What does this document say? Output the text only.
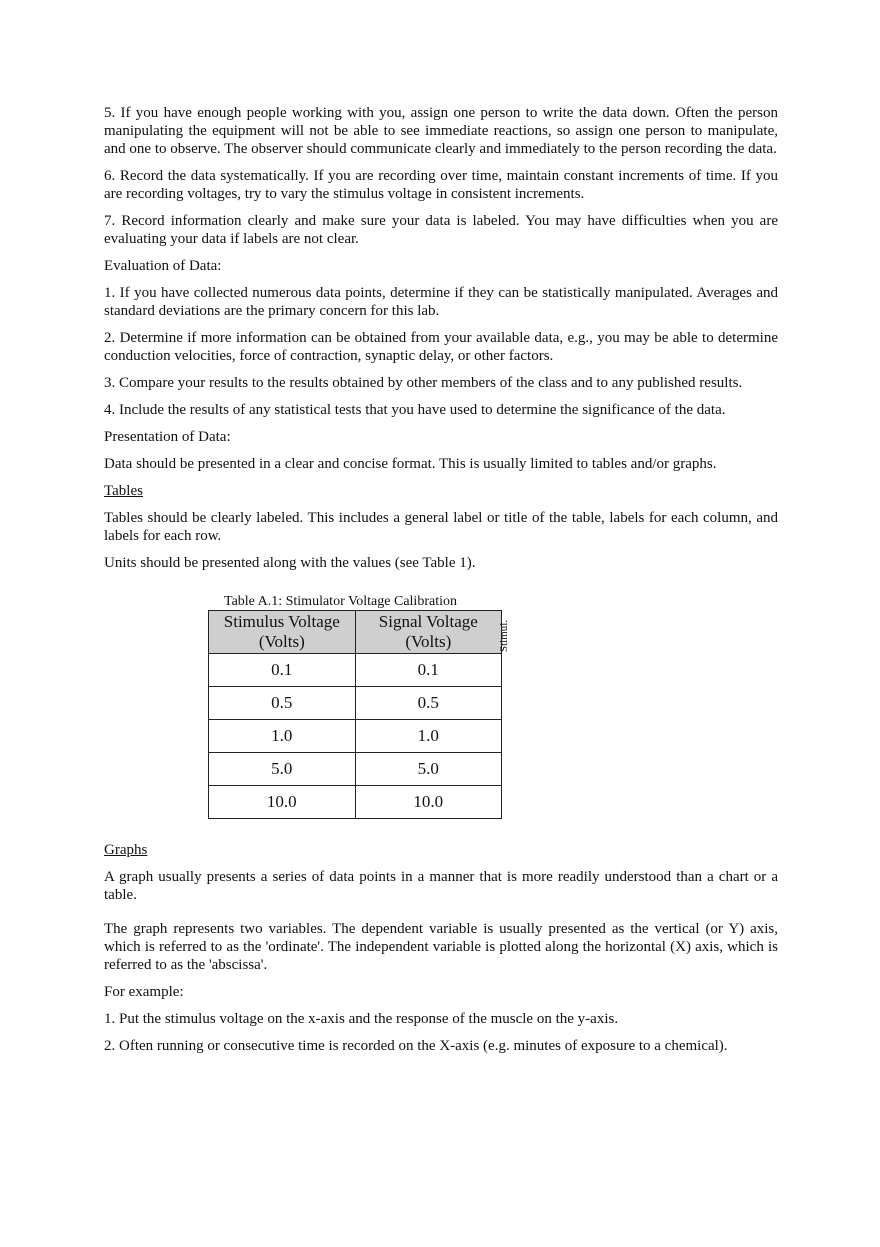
5. If you have enough people working with you, assign one person to write the data down. Often the person manipulating the equipment will not be able to see immediate reactions, so assign one person to manipulate, and one to observe. The observer should communicate clearly and immediately to the person recording the data.

6. Record the data systematically. If you are recording over time, maintain constant increments of time. If you are recording voltages, try to vary the stimulus voltage in consistent increments.

7. Record information clearly and make sure your data is labeled. You may have difficulties when you are evaluating your data if labels are not clear.

Evaluation of Data:

1. If you have collected numerous data points, determine if they can be statistically manipulated. Averages and standard deviations are the primary concern for this lab.

2. Determine if more information can be obtained from your available data, e.g., you may be able to determine conduction velocities, force of contraction, synaptic delay, or other factors.

3. Compare your results to the results obtained by other members of the class and to any published results.

4. Include the results of any statistical tests that you have used to determine the significance of the data.

Presentation of Data:

Data should be presented in a clear and concise format. This is usually limited to tables and/or graphs.

Tables

Tables should be clearly labeled. This includes a general label or title of the table, labels for each column, and labels for each row.

Units should be presented along with the values (see Table 1).

Table A.1: Stimulator Voltage Calibration
Stimul.
Stimulus Voltage (Volts)	Signal Voltage (Volts)
0.1	0.1
0.5	0.5
1.0	1.0
5.0	5.0
10.0	10.0

Graphs

A graph usually presents a series of data points in a manner that is more readily understood than a chart or a table.

The graph represents two variables. The dependent variable is usually presented as the vertical (or Y) axis, which is referred to as the 'ordinate'. The independent variable is plotted along the horizontal (X) axis, which is referred to as the 'abscissa'.

For example:

1. Put the stimulus voltage on the x-axis and the response of the muscle on the y-axis.

2. Often running or consecutive time is recorded on the X-axis (e.g. minutes of exposure to a chemical).
